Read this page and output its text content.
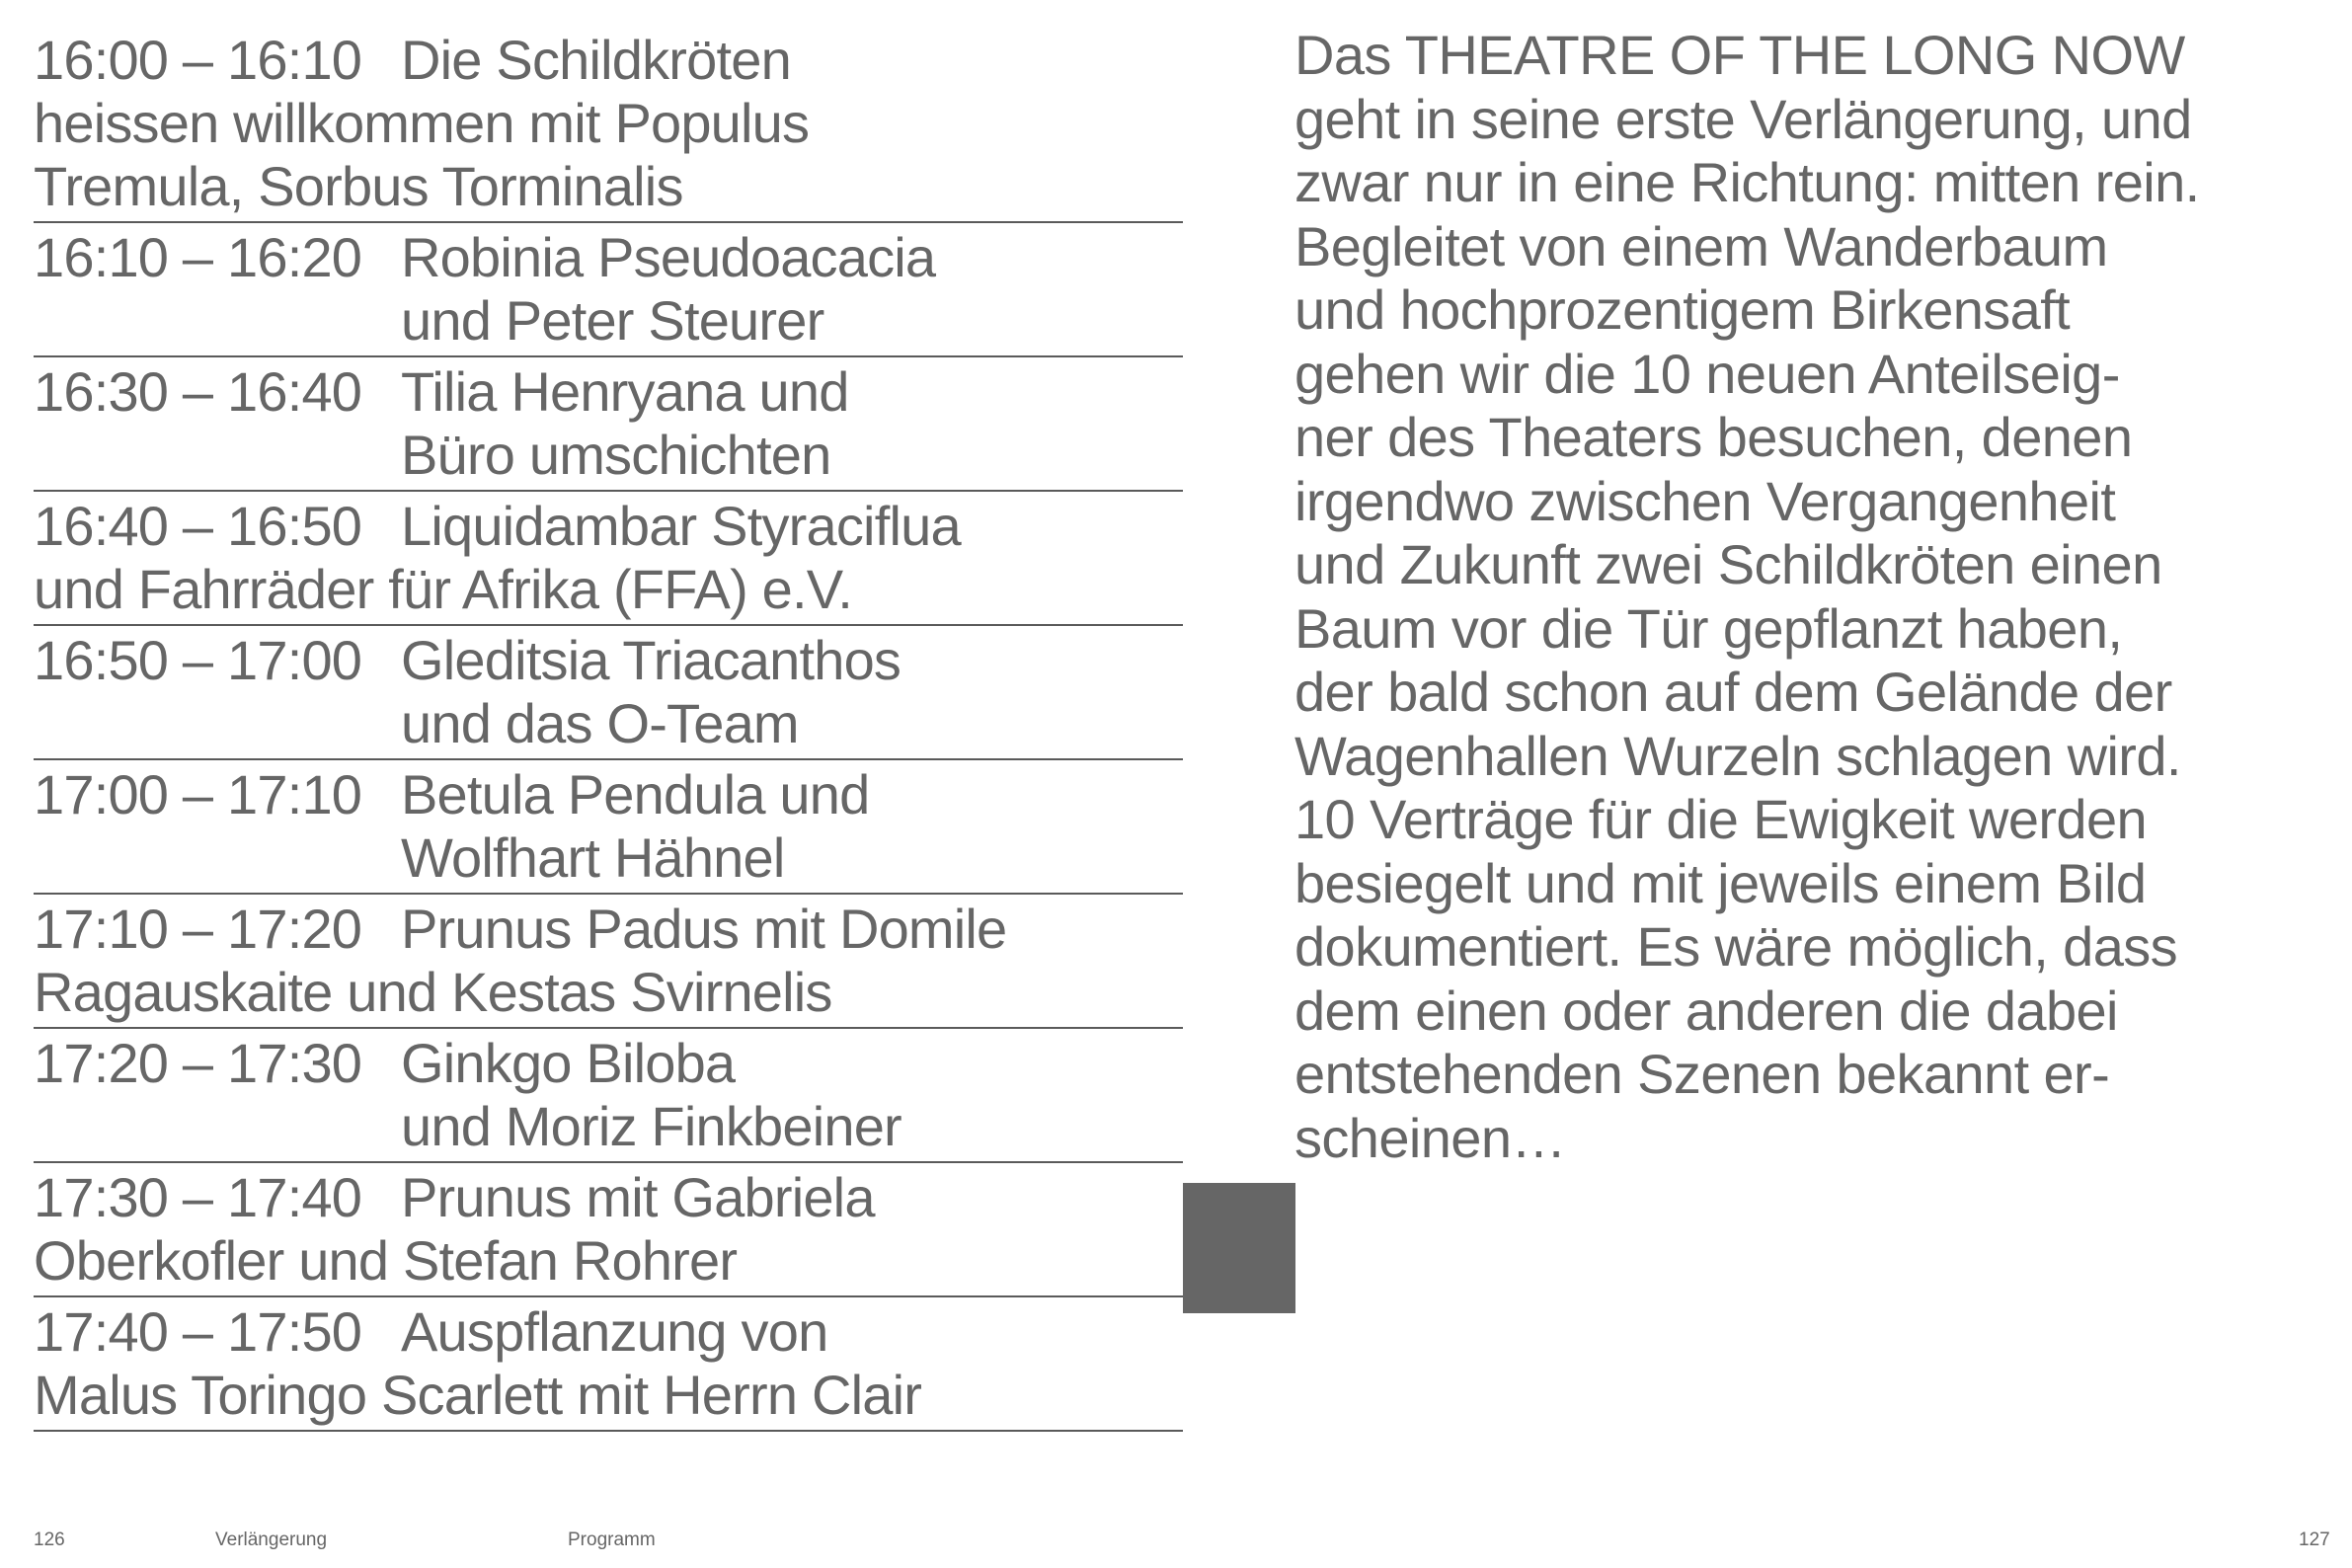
16:00 – 16:10 Die Schildkröten
heissen willkommen mit Populus
Tremula, Sorbus Torminalis
16:10 – 16:20 Robinia Pseudoacacia
und Peter Steurer
16:30 – 16:40 Tilia Henryana und
Büro umschichten
16:40 – 16:50 Liquidambar Styraciflua
und Fahrräder für Afrika (FFA) e.V.
16:50 – 17:00 Gleditsia Triacanthos
und das O-Team
17:00 – 17:10 Betula Pendula und
Wolfhart Hähnel
17:10 – 17:20 Prunus Padus mit Domile
Ragauskaite und Kestas Svirnelis
17:20 – 17:30 Ginkgo Biloba
und Moriz Finkbeiner
17:30 – 17:40 Prunus mit Gabriela
Oberkofler und Stefan Rohrer
17:40 – 17:50 Auspflanzung von
Malus Toringo Scarlett mit Herrn Clair
Das THEATRE OF THE LONG NOW
geht in seine erste Verlängerung, und
zwar nur in eine Richtung: mitten rein.
Begleitet von einem Wanderbaum
und hochprozentigem Birkensaft
gehen wir die 10 neuen Anteilseig-
ner des Theaters besuchen, denen
irgendwo zwischen Vergangenheit
und Zukunft zwei Schildkröten einen
Baum vor die Tür gepflanzt haben,
der bald schon auf dem Gelände der
Wagenhallen Wurzeln schlagen wird.
10 Verträge für die Ewigkeit werden
besiegelt und mit jeweils einem Bild
dokumentiert. Es wäre möglich, dass
dem einen oder anderen die dabei
entstehenden Szenen bekannt er-
scheinen…
126	Verlängerung	Programm	127
